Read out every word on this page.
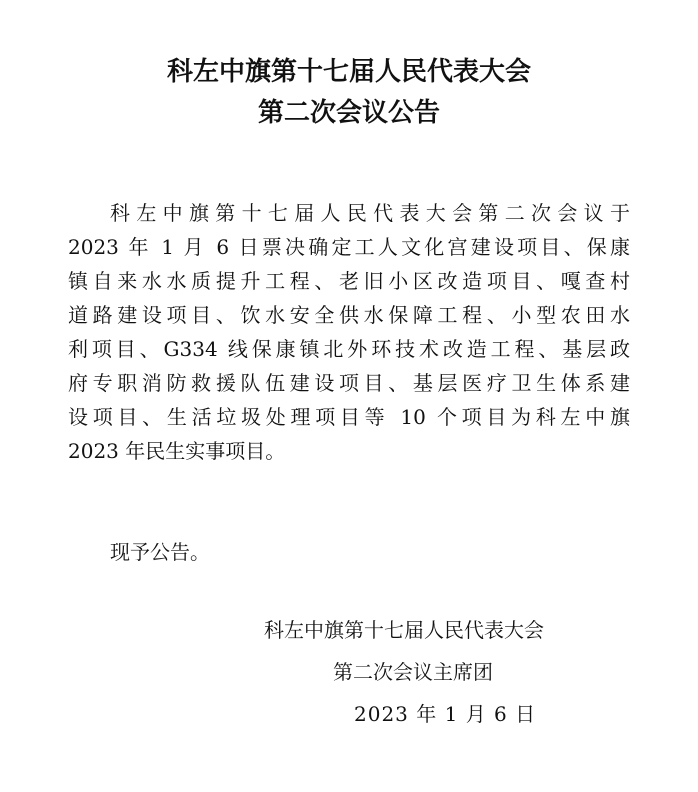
科左中旗第十七届人民代表大会
第二次会议公告
科左中旗第十七届人民代表大会第二次会议于
2023 年 1 月 6 日票决确定工人文化宫建设项目、保康
镇自来水水质提升工程、老旧小区改造项目、嘎查村
道路建设项目、饮水安全供水保障工程、小型农田水
利项目、G334 线保康镇北外环技术改造工程、基层政
府专职消防救援队伍建设项目、基层医疗卫生体系建
设项目、生活垃圾处理项目等 10 个项目为科左中旗
2023 年民生实事项目。
现予公告。
科左中旗第十七届人民代表大会
第二次会议主席团
2023 年 1 月 6 日
